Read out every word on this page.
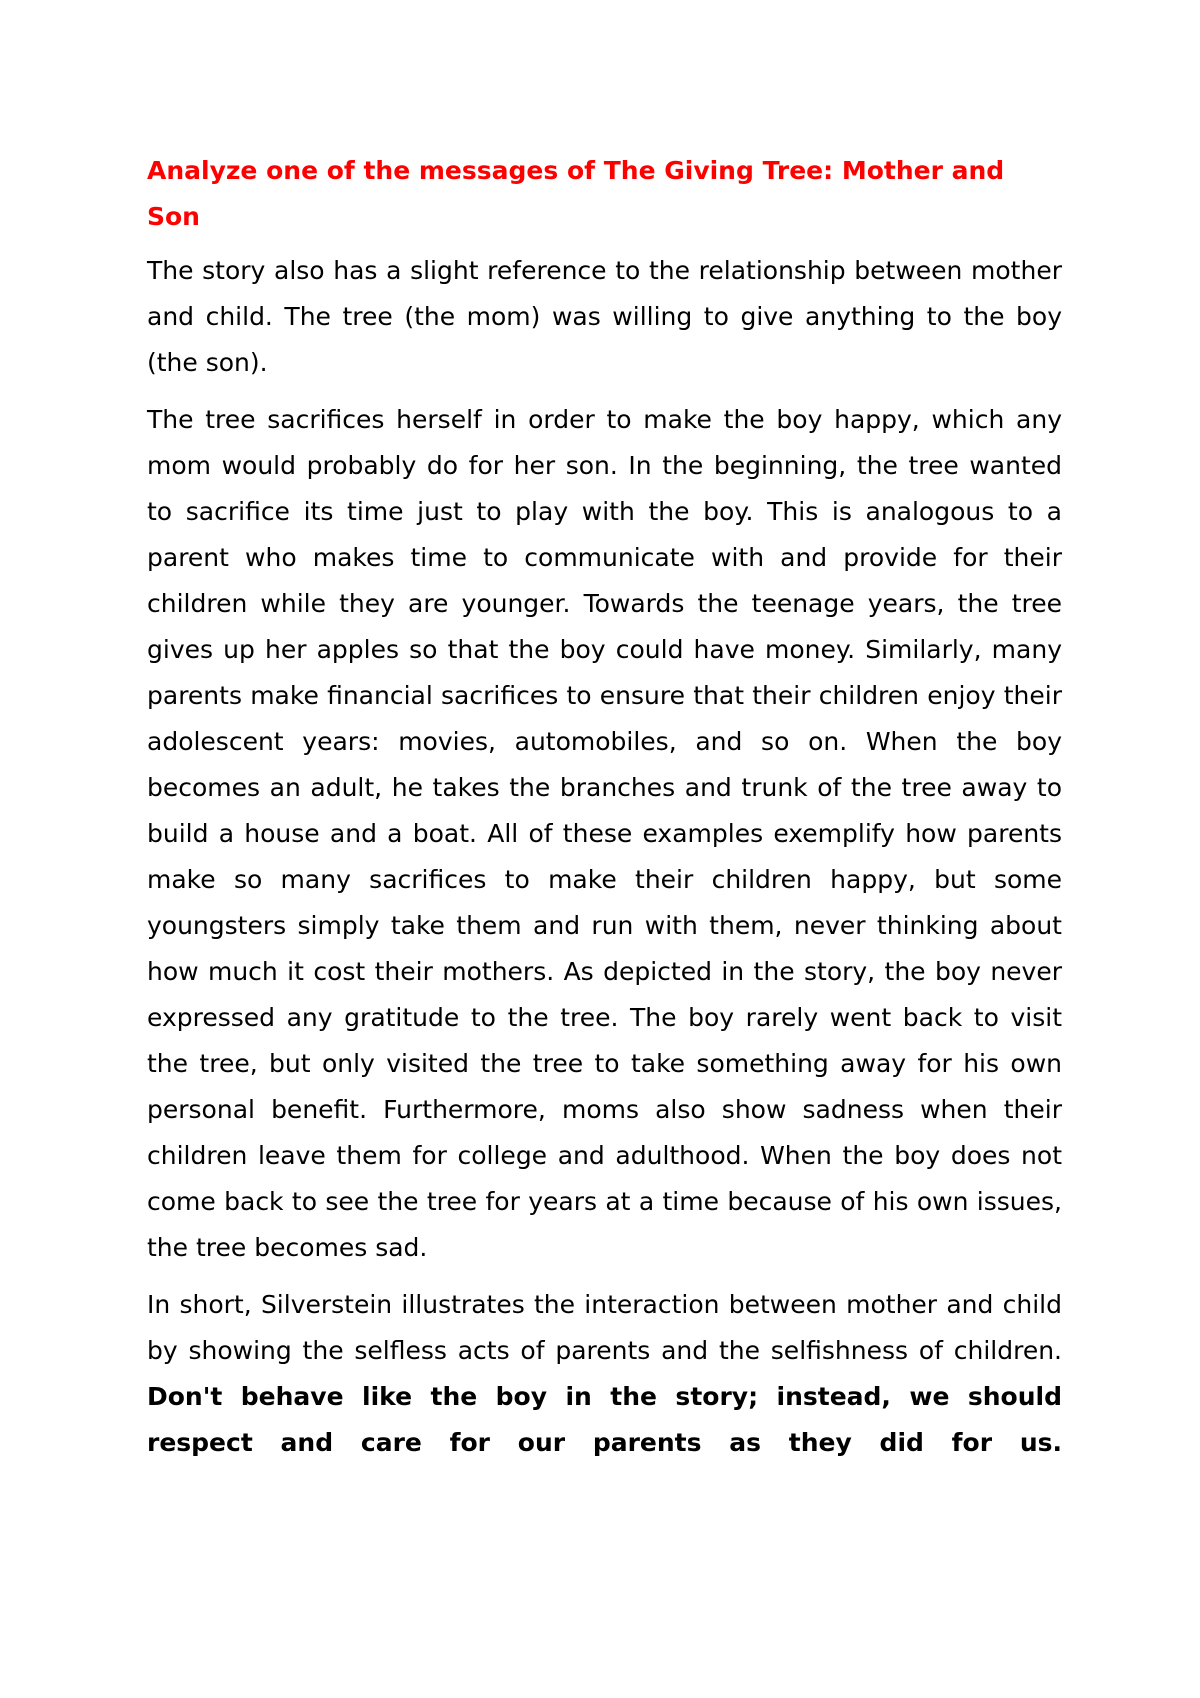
Analyze one of the messages of The Giving Tree: Mother and Son

The story also has a slight reference to the relationship between mother and child. The tree (the mom) was willing to give anything to the boy (the son).

The tree sacrifices herself in order to make the boy happy, which any mom would probably do for her son. In the beginning, the tree wanted to sacrifice its time just to play with the boy. This is analogous to a parent who makes time to communicate with and provide for their children while they are younger. Towards the teenage years, the tree gives up her apples so that the boy could have money. Similarly, many parents make financial sacrifices to ensure that their children enjoy their adolescent years: movies, automobiles, and so on. When the boy becomes an adult, he takes the branches and trunk of the tree away to build a house and a boat. All of these examples exemplify how parents make so many sacrifices to make their children happy, but some youngsters simply take them and run with them, never thinking about how much it cost their mothers. As depicted in the story, the boy never expressed any gratitude to the tree. The boy rarely went back to visit the tree, but only visited the tree to take something away for his own personal benefit. Furthermore, moms also show sadness when their children leave them for college and adulthood. When the boy does not come back to see the tree for years at a time because of his own issues, the tree becomes sad.

In short, Silverstein illustrates the interaction between mother and child by showing the selfless acts of parents and the selfishness of children. Don't behave like the boy in the story; instead, we should respect and care for our parents as they did for us.
